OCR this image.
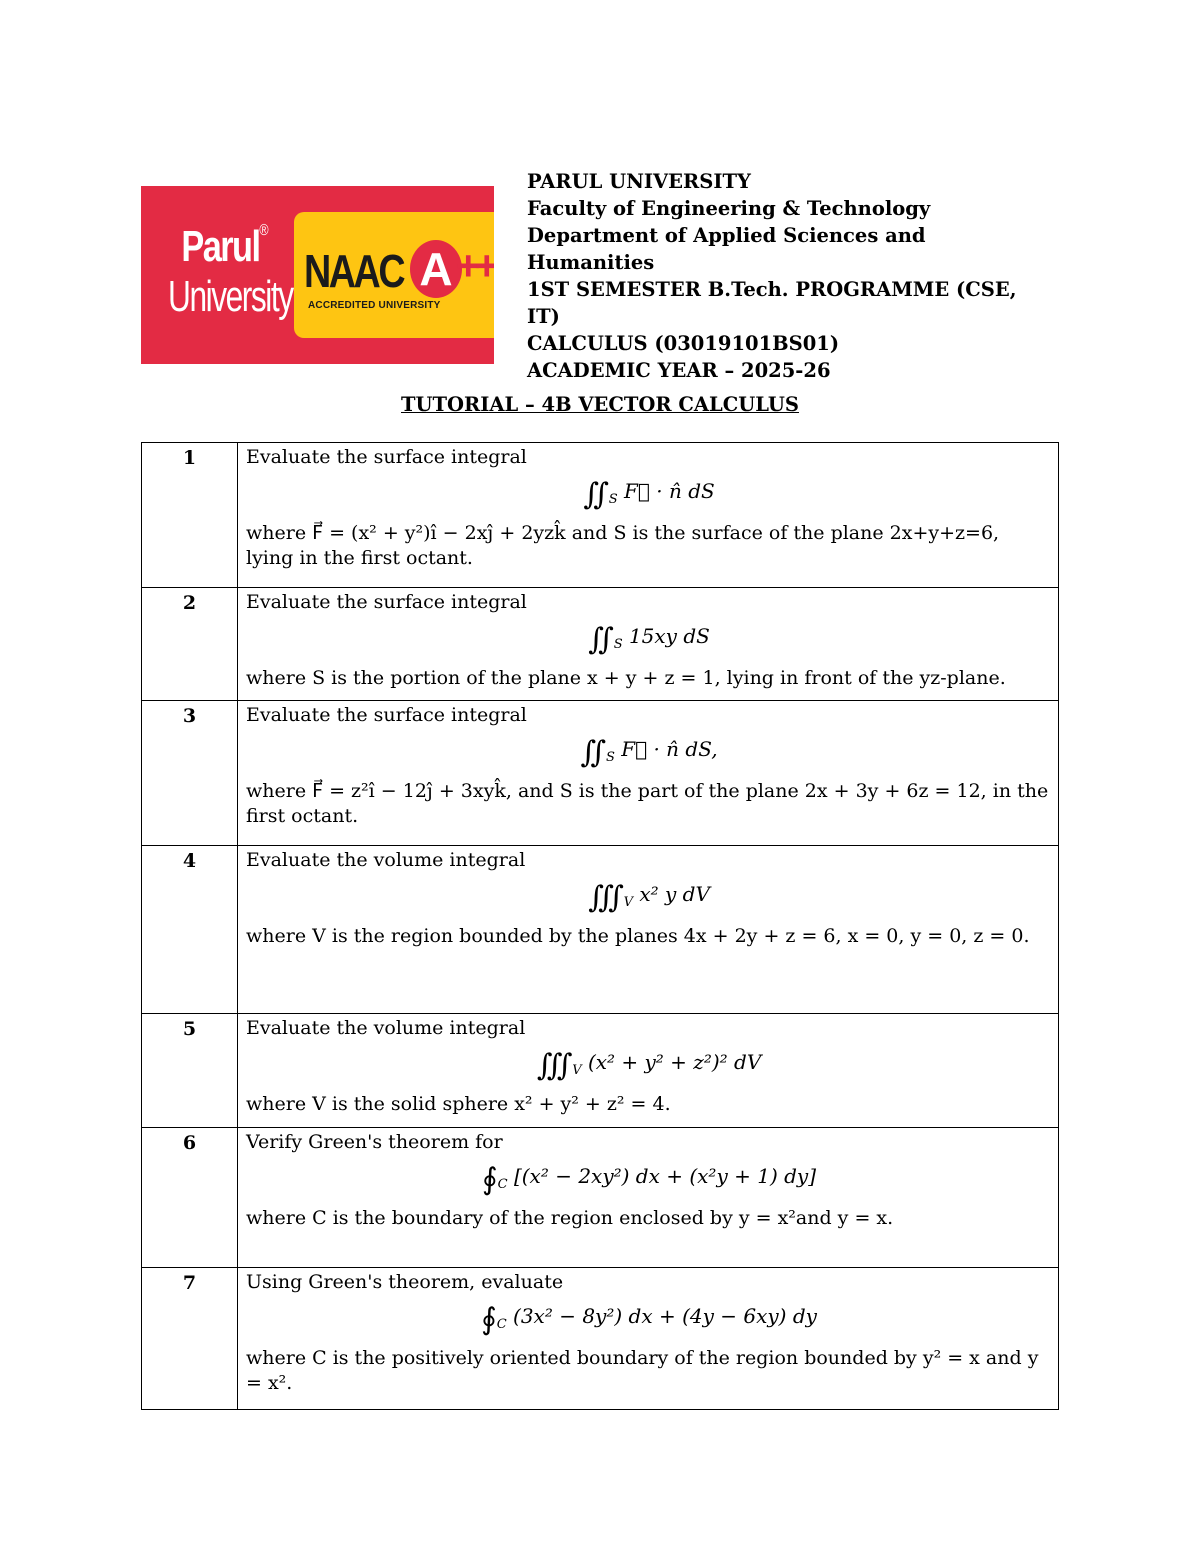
Parul®
University NAAC A ++
ACCREDITED UNIVERSITY
PARUL UNIVERSITY
Faculty of Engineering & Technology
Department of Applied Sciences and Humanities
1ST SEMESTER B.Tech. PROGRAMME (CSE, IT)
CALCULUS (03019101BS01)
ACADEMIC YEAR – 2025-26
TUTORIAL – 4B VECTOR CALCULUS
1	Evaluate the surface integral
$∬_S$ F⃗ · n̂ dS
where F⃗ = (x² + y²)î − 2xĵ + 2yzk̂ and S is the surface of the plane 2x+y+z=6, lying in the first octant.

2	Evaluate the surface integral
$∬_S$ 15xy dS
where S is the portion of the plane x + y + z = 1, lying in front of the yz-plane.

3	Evaluate the surface integral
$∬_S$ F⃗ · n̂ dS,
where F⃗ = z²î − 12ĵ + 3xyk̂, and S is the part of the plane 2x + 3y + 6z = 12, in the first octant.

4	Evaluate the volume integral
$∭_V$ x² y dV
where V is the region bounded by the planes 4x + 2y + z = 6, x = 0, y = 0, z = 0.

5	Evaluate the volume integral
$∭_V$ (x² + y² + z²)² dV
where V is the solid sphere x² + y² + z² = 4.

6	Verify Green's theorem for
$∮_C$ [(x² − 2xy²) dx + (x²y + 1) dy]
where C is the boundary of the region enclosed by y = x²and y = x.

7	Using Green's theorem, evaluate
$∮_C$ (3x² − 8y²) dx + (4y − 6xy) dy
where C is the positively oriented boundary of the region bounded by y² = x and y = x².
